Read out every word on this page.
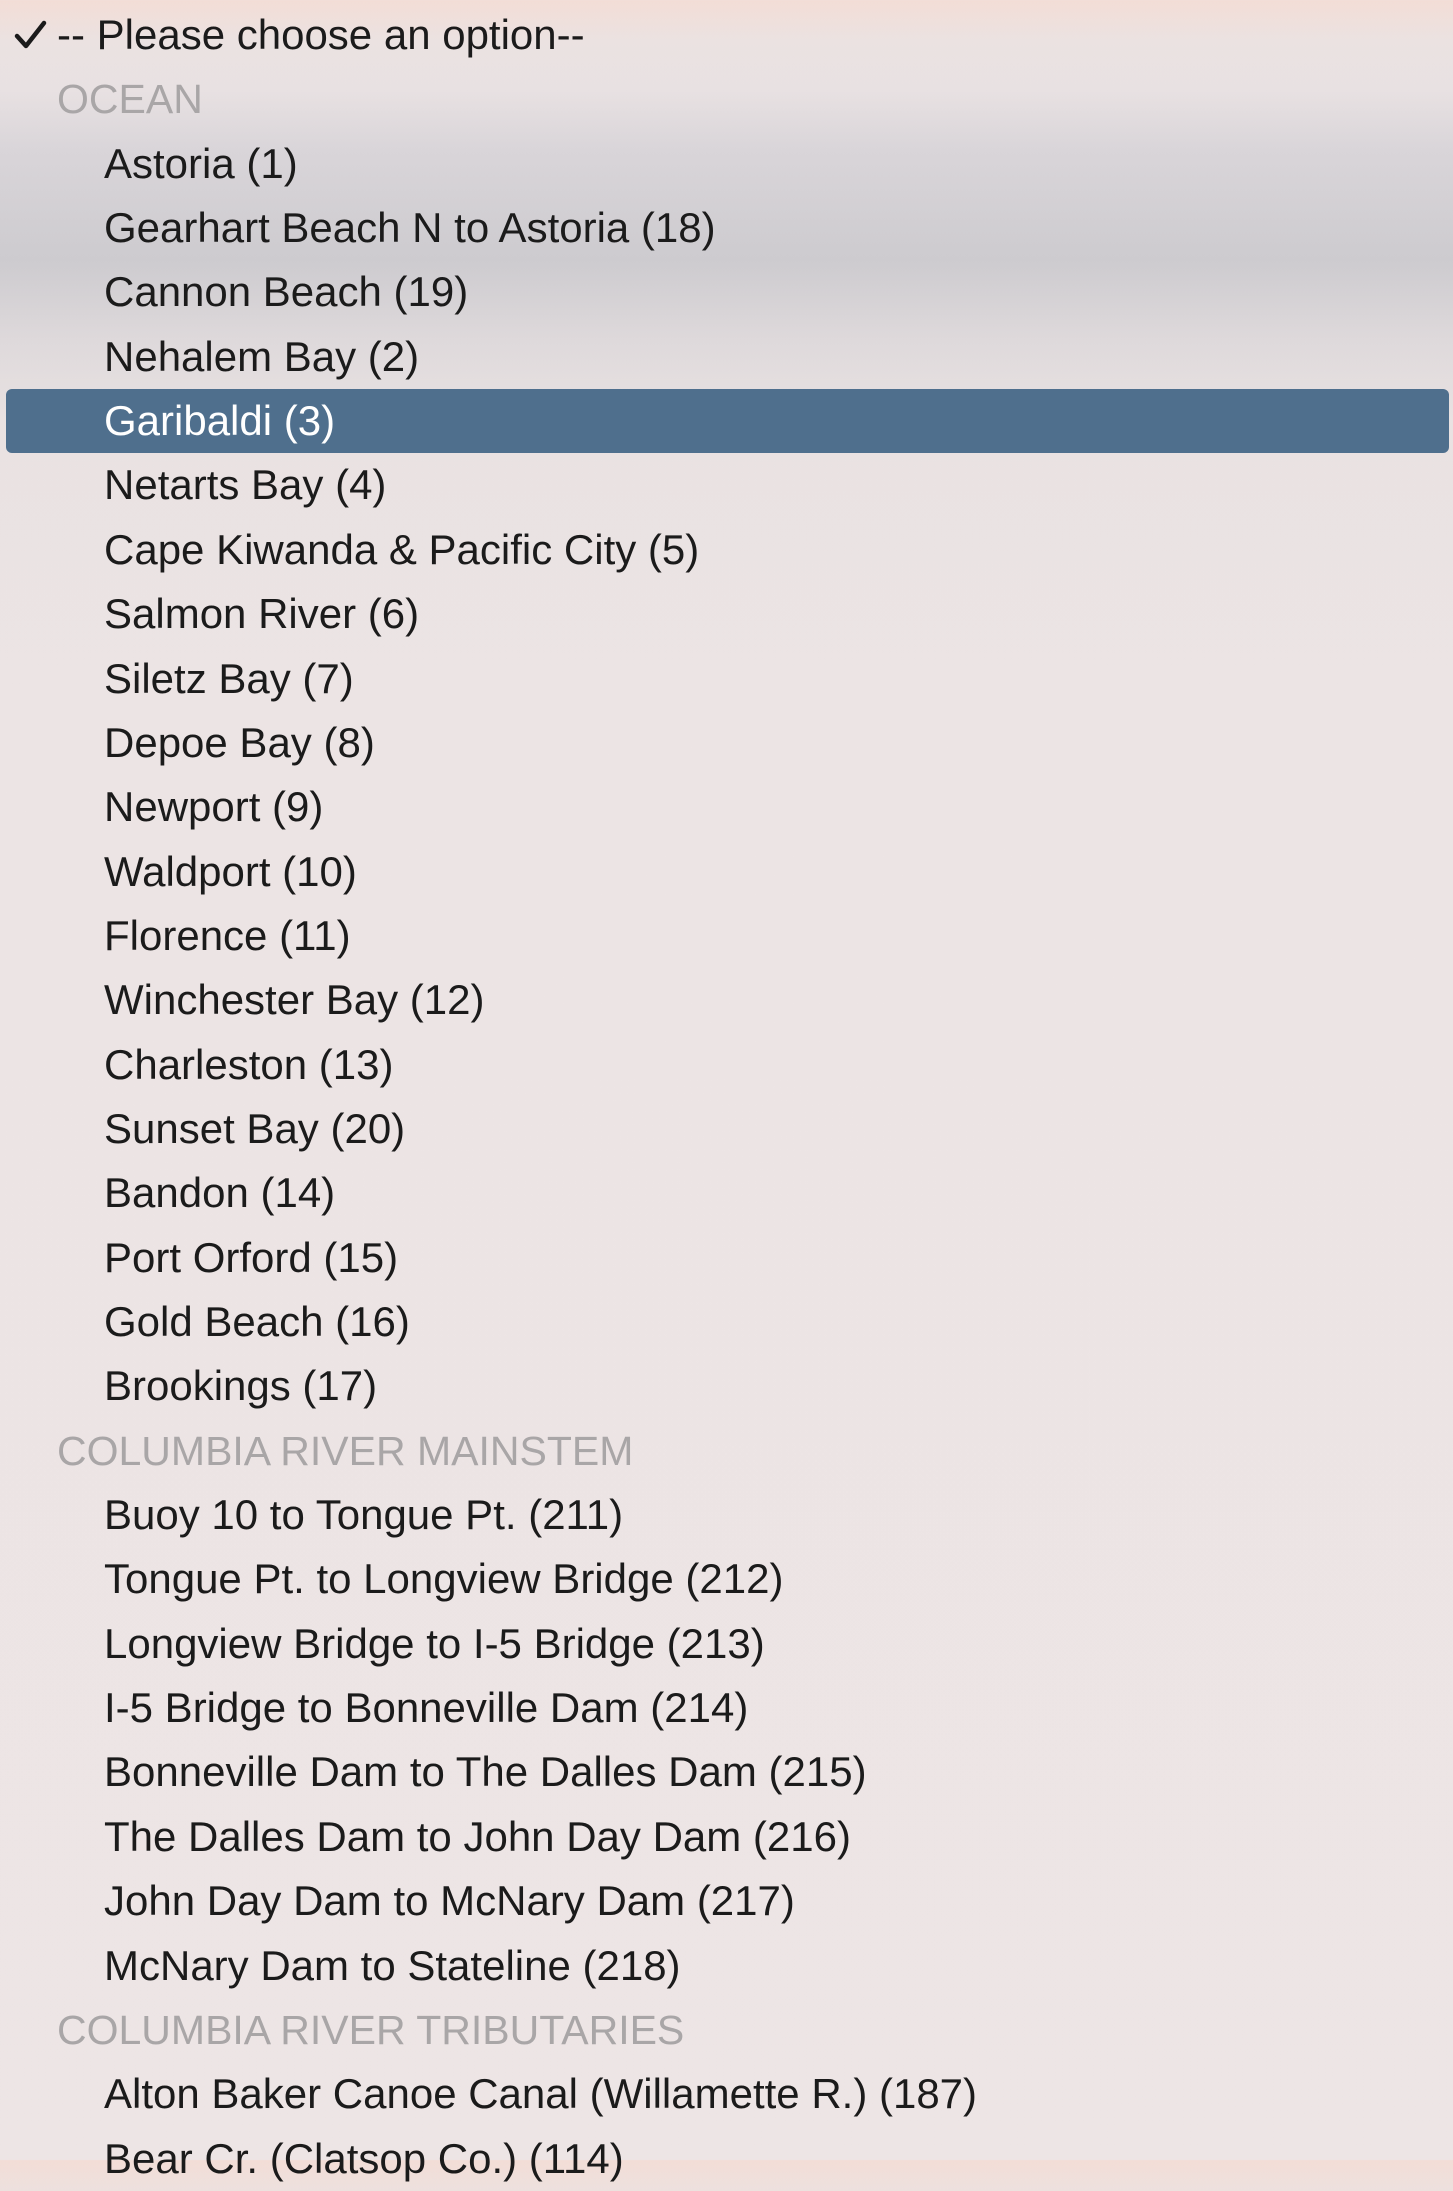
-- Please choose an option--
OCEAN
Astoria (1)
Gearhart Beach N to Astoria (18)
Cannon Beach (19)
Nehalem Bay (2)
Garibaldi (3)
Netarts Bay (4)
Cape Kiwanda & Pacific City (5)
Salmon River (6)
Siletz Bay (7)
Depoe Bay (8)
Newport (9)
Waldport (10)
Florence (11)
Winchester Bay (12)
Charleston (13)
Sunset Bay (20)
Bandon (14)
Port Orford (15)
Gold Beach (16)
Brookings (17)
COLUMBIA RIVER MAINSTEM
Buoy 10 to Tongue Pt. (211)
Tongue Pt. to Longview Bridge (212)
Longview Bridge to I-5 Bridge (213)
I-5 Bridge to Bonneville Dam (214)
Bonneville Dam to The Dalles Dam (215)
The Dalles Dam to John Day Dam (216)
John Day Dam to McNary Dam (217)
McNary Dam to Stateline (218)
COLUMBIA RIVER TRIBUTARIES
Alton Baker Canoe Canal (Willamette R.) (187)
Bear Cr. (Clatsop Co.) (114)
